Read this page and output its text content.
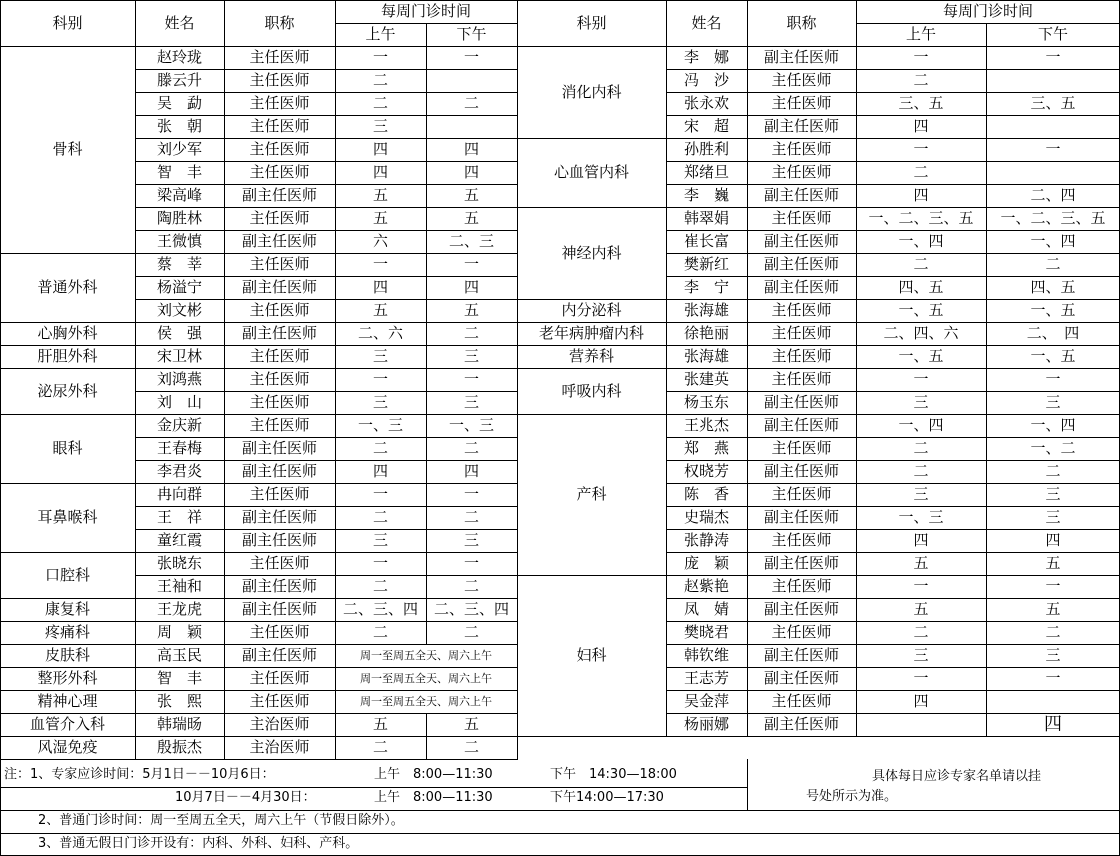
科别	姓名	职称
每周门诊时间
上午	下午
科别	姓名	职称
每周门诊时间
上午	下午
骨科
赵玲珑	主任医师	一	一
滕云升	主任医师	二
吴　勐	主任医师	二	二
张　朝	主任医师	三
刘少军	主任医师	四	四
智　丰	主任医师	四	四
梁高峰	副主任医师	五	五
陶胜林	主任医师	五	五
王微慎	副主任医师	六	二、三
普通外科
蔡　莘	主任医师	一	一
杨溢宁	副主任医师	四	四
刘文彬	主任医师	五	五
心胸外科	侯　强	副主任医师	二、六	二
肝胆外科	宋卫林	主任医师	三	三
泌尿外科
刘鸿燕	主任医师	一	一
刘　山	主任医师	三	三
眼科
金庆新	主任医师	一、三	一、三
王春梅	副主任医师	二	二
李君炎	副主任医师	四	四
耳鼻喉科
冉向群	主任医师	一	一
王　祥	副主任医师	二	二
童红霞	副主任医师	三	三
口腔科
张晓东	主任医师	一	一
王袖和	副主任医师	二	二
康复科	王龙虎	副主任医师	二、三、四	二、三、四
疼痛科	周　颖	主任医师	二	二
皮肤科	高玉民	副主任医师	周一至周五全天、周六上午
整形外科	智　丰	主任医师	周一至周五全天、周六上午
精神心理	张　熙	主任医师	周一至周五全天、周六上午
血管介入科	韩瑞旸	主治医师	五	五
风湿免疫	殷振杰	主治医师	二	二
消化内科
李　娜	副主任医师	一	一
冯　沙	主任医师	二
张永欢	主任医师	三、五	三、五
宋　超	副主任医师	四
心血管内科
孙胜利	主任医师	一	一
郑绪旦	主任医师	二
李　巍	副主任医师	四	二、四
神经内科
韩翠娟	主任医师	一、二、三、五	一、二、三、五
崔长富	副主任医师	一、四	一、四
樊新红	副主任医师	二	二
李　宁	副主任医师	四、五	四、五
内分泌科	张海雄	主任医师	一、五	一、五
老年病肿瘤内科	徐艳丽	主任医师	二、四、六	二、　四
营养科	张海雄	主任医师	一、五	一、五
呼吸内科
张建英	主任医师	一	一
杨玉东	副主任医师	三	三
产科
王兆杰	副主任医师	一、四	一、四
郑　燕	主任医师	二	一、二
权晓芳	副主任医师	二	二
陈　香	主任医师	三	三
史瑞杰	副主任医师	一、三	三
张静涛	主任医师	四	四
庞　颖	副主任医师	五	五
妇科
赵紫艳	主任医师	一	一
凤　婧	副主任医师	五	五
樊晓君	主任医师	二	二
韩钦维	副主任医师	三	三
王志芳	副主任医师	一	一
吴金萍	主任医师	四
杨丽娜	副主任医师	四
注：1、专家应诊时间：5月1日－－10月6日：	上午　8:00—11:30	下午　14:30—18:00
10月7日－－4月30日：	上午　8:00—11:30	下午14:00—17:30
2、普通门诊时间：周一至周五全天，周六上午（节假日除外）。
3、普通无假日门诊开设有：内科、外科、妇科、产科。
具体每日应诊专家名单请以挂
号处所示为准。
